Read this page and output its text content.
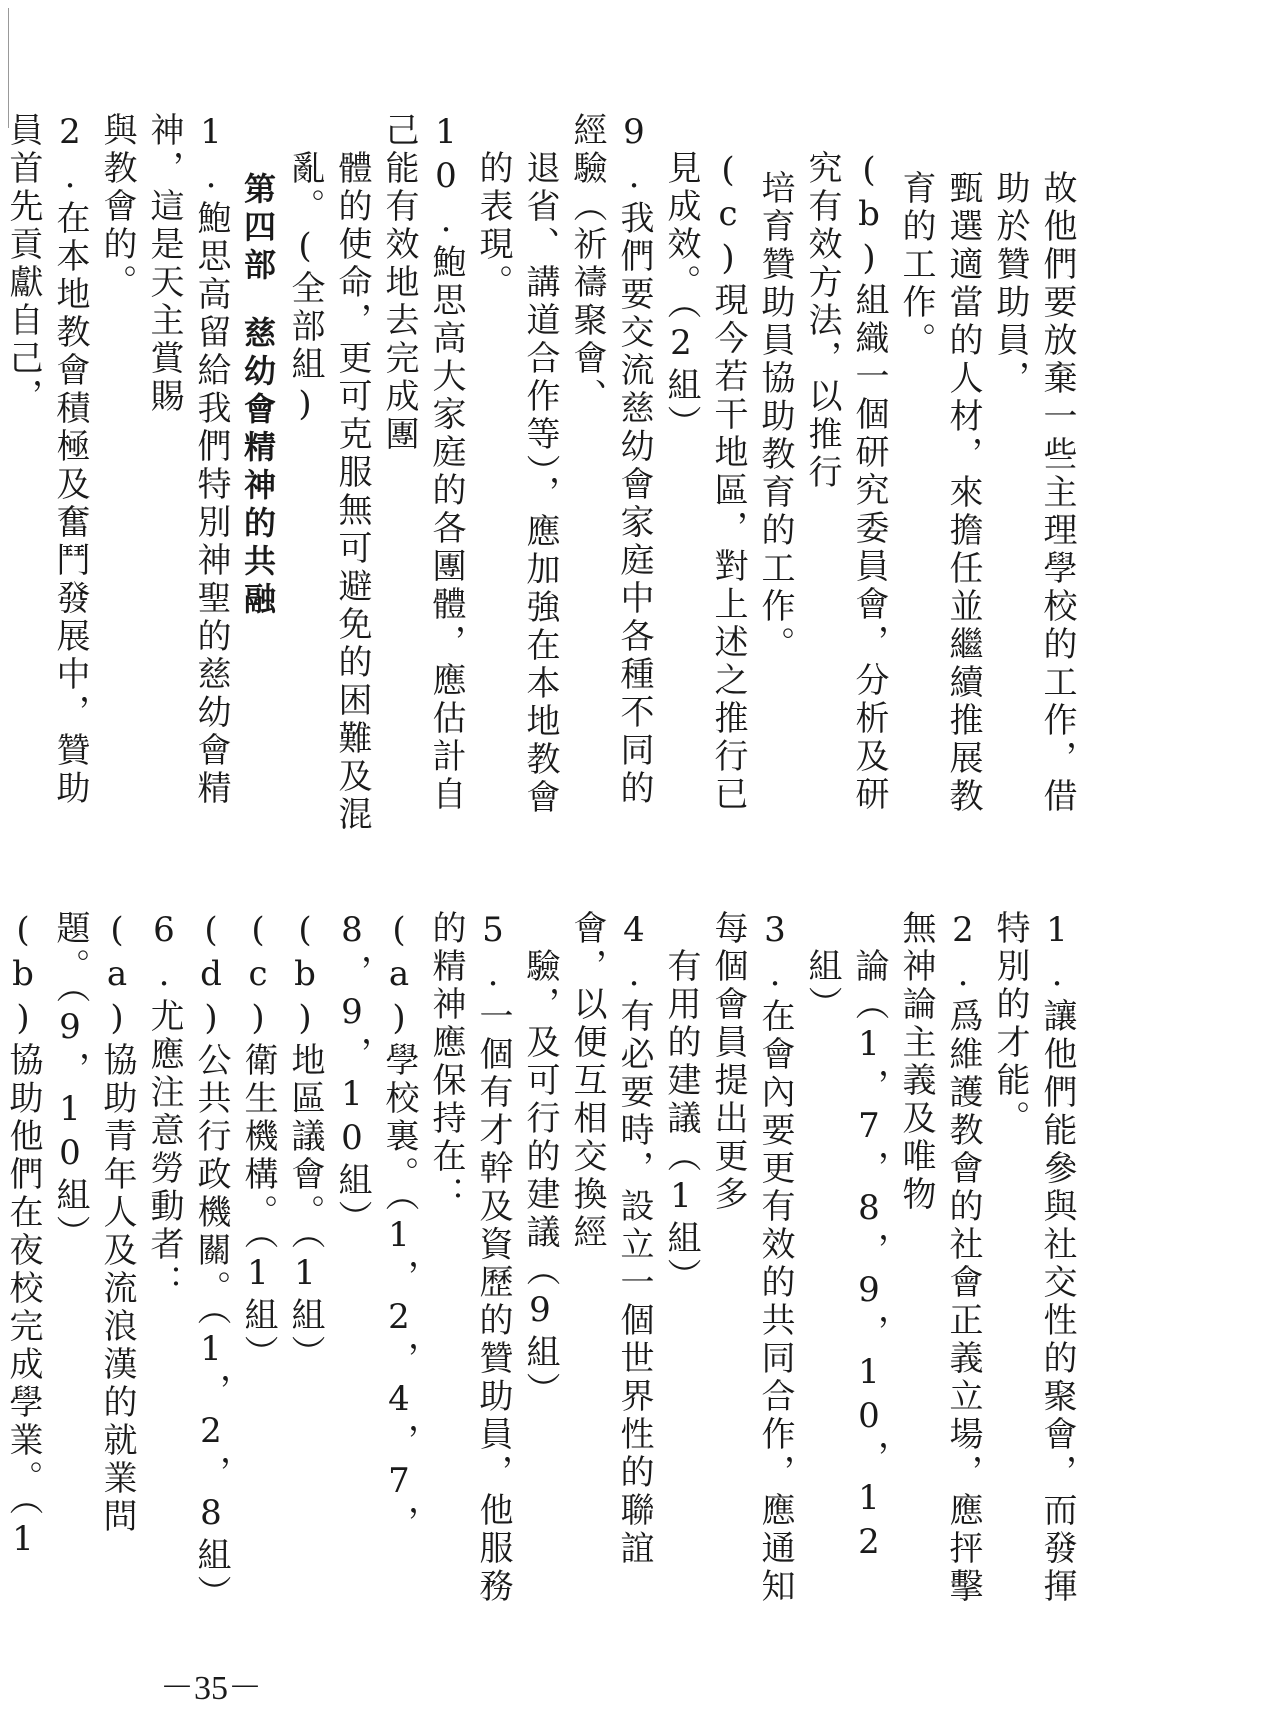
故他們要放棄一些主理學校的工作，借助於贊助員，
甄選適當的人材，來擔任並繼續推展教育的工作。
(b)組織一個研究委員會，分析及研究有效方法，以推行
培育贊助員協助教育的工作。
(c)現今若干地區，對上述之推行已見成效。（2組）
9.我們要交流慈幼會家庭中各種不同的經驗（祈禱聚會、
退省、講道合作等），應加強在本地教會的表現。
10.鮑思高大家庭的各團體，應估計自己能有效地去完成團
體的使命，更可克服無可避免的困難及混亂。(全部組)
第四部慈幼會精神的共融
1.鮑思高留給我們特別神聖的慈幼會精神，這是天主賞賜
與教會的。
2.在本地教會積極及奮鬥發展中，贊助員首先貢獻自己，
1.讓他們能參與社交性的聚會，而發揮特別的才能。
2.爲維護教會的社會正義立場，應抨擊無神論主義及唯物
論（1，7，8，9，10，12組）
3.在會內要更有效的共同合作，應通知每個會員提出更多
有用的建議（1組）
4.有必要時，設立一個世界性的聯誼會，以便互相交換經
驗，及可行的建議（9組）
5.一個有才幹及資歷的贊助員，他服務的精神應保持在：
(a)學校裏。（1，2，4，7，8，9，10組）
(b)地區議會。（1組）
(c)衛生機構。（1組）
(d)公共行政機關。（1，2，8組）
6.尤應注意勞動者：
(a)協助青年人及流浪漢的就業問題。（9，10組）
(b)協助他們在夜校完成學業。（1
－35－
